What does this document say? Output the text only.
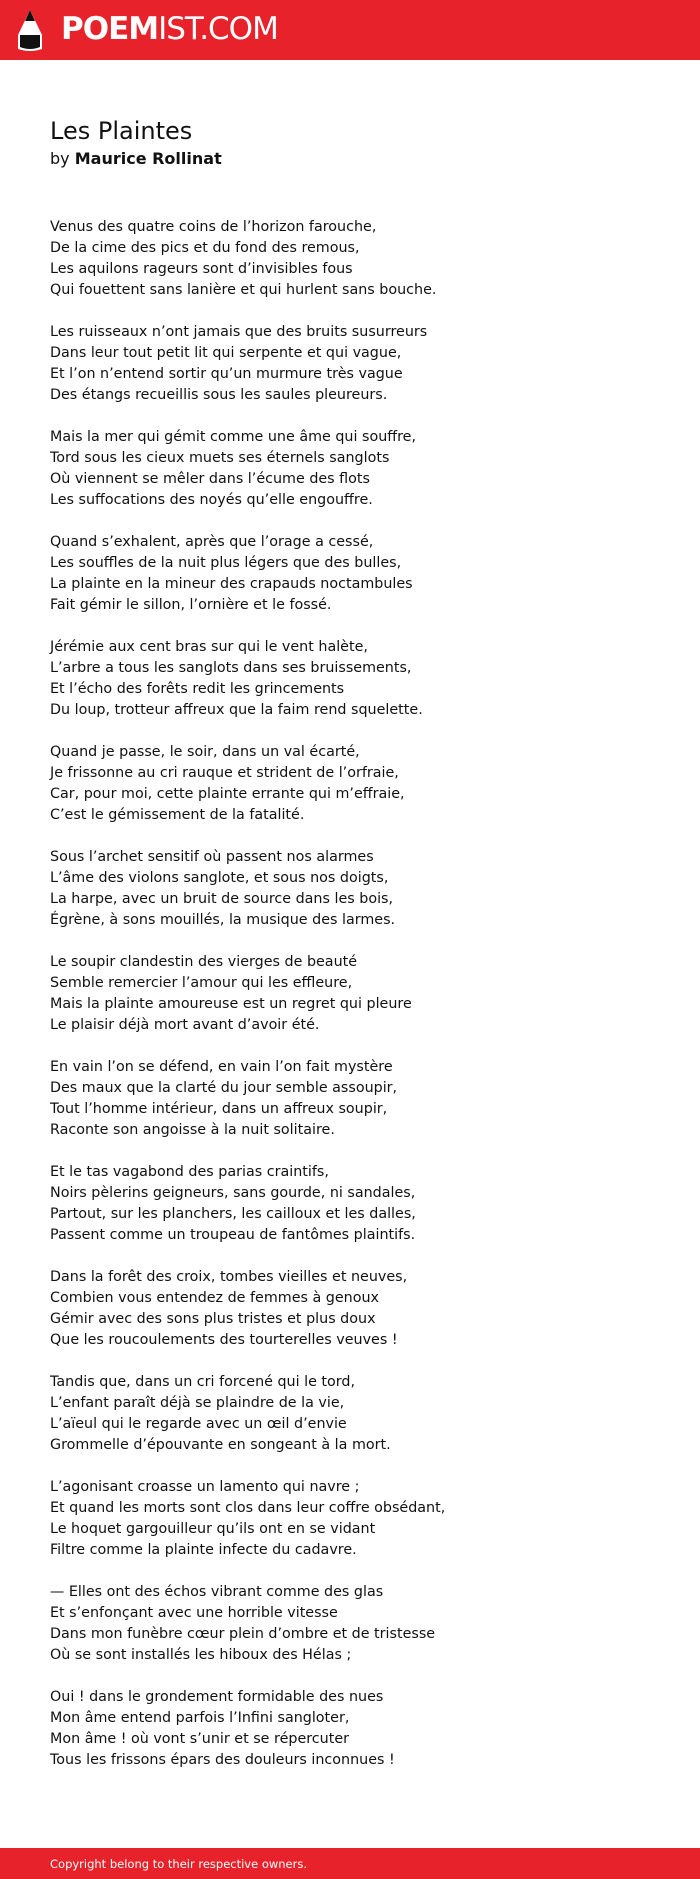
POEMIST.COM
Les Plaintes
by Maurice Rollinat
Venus des quatre coins de l’horizon farouche,
De la cime des pics et du fond des remous,
Les aquilons rageurs sont d’invisibles fous
Qui fouettent sans lanière et qui hurlent sans bouche.
Les ruisseaux n’ont jamais que des bruits susurreurs
Dans leur tout petit lit qui serpente et qui vague,
Et l’on n’entend sortir qu’un murmure très vague
Des étangs recueillis sous les saules pleureurs.
Mais la mer qui gémit comme une âme qui souffre,
Tord sous les cieux muets ses éternels sanglots
Où viennent se mêler dans l’écume des flots
Les suffocations des noyés qu’elle engouffre.
Quand s’exhalent, après que l’orage a cessé,
Les souffles de la nuit plus légers que des bulles,
La plainte en la mineur des crapauds noctambules
Fait gémir le sillon, l’ornière et le fossé.
Jérémie aux cent bras sur qui le vent halète,
L’arbre a tous les sanglots dans ses bruissements,
Et l’écho des forêts redit les grincements
Du loup, trotteur affreux que la faim rend squelette.
Quand je passe, le soir, dans un val écarté,
Je frissonne au cri rauque et strident de l’orfraie,
Car, pour moi, cette plainte errante qui m’effraie,
C’est le gémissement de la fatalité.
Sous l’archet sensitif où passent nos alarmes
L’âme des violons sanglote, et sous nos doigts,
La harpe, avec un bruit de source dans les bois,
Égrène, à sons mouillés, la musique des larmes.
Le soupir clandestin des vierges de beauté
Semble remercier l’amour qui les effleure,
Mais la plainte amoureuse est un regret qui pleure
Le plaisir déjà mort avant d’avoir été.
En vain l’on se défend, en vain l’on fait mystère
Des maux que la clarté du jour semble assoupir,
Tout l’homme intérieur, dans un affreux soupir,
Raconte son angoisse à la nuit solitaire.
Et le tas vagabond des parias craintifs,
Noirs pèlerins geigneurs, sans gourde, ni sandales,
Partout, sur les planchers, les cailloux et les dalles,
Passent comme un troupeau de fantômes plaintifs.
Dans la forêt des croix, tombes vieilles et neuves,
Combien vous entendez de femmes à genoux
Gémir avec des sons plus tristes et plus doux
Que les roucoulements des tourterelles veuves !
Tandis que, dans un cri forcené qui le tord,
L’enfant paraît déjà se plaindre de la vie,
L’aïeul qui le regarde avec un œil d’envie
Grommelle d’épouvante en songeant à la mort.
L’agonisant croasse un lamento qui navre ;
Et quand les morts sont clos dans leur coffre obsédant,
Le hoquet gargouilleur qu’ils ont en se vidant
Filtre comme la plainte infecte du cadavre.
— Elles ont des échos vibrant comme des glas
Et s’enfonçant avec une horrible vitesse
Dans mon funèbre cœur plein d’ombre et de tristesse
Où se sont installés les hiboux des Hélas ;
Oui ! dans le grondement formidable des nues
Mon âme entend parfois l’Infini sangloter,
Mon âme ! où vont s’unir et se répercuter
Tous les frissons épars des douleurs inconnues !
Copyright belong to their respective owners.
